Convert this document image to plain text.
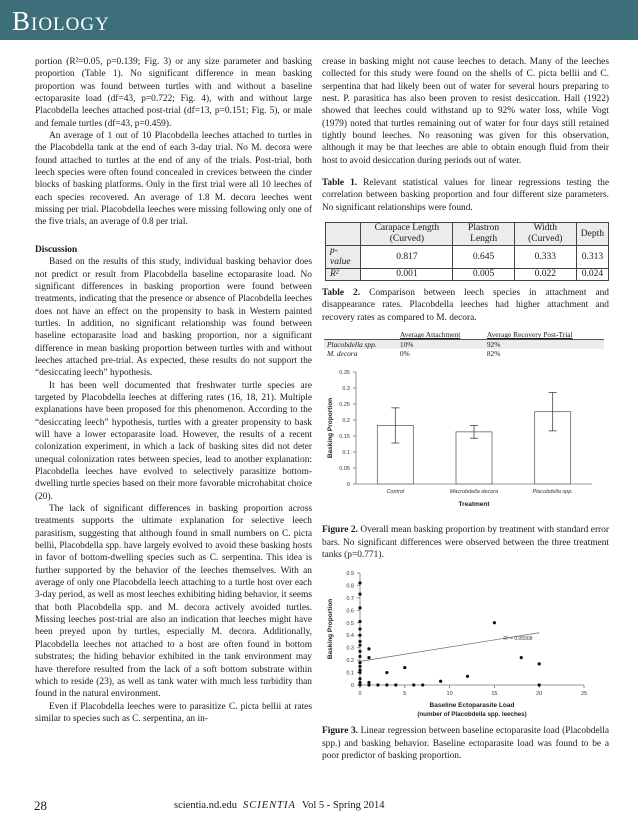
Biology

portion (R²=0.05, p=0.139; Fig. 3) or any size parameter and basking proportion (Table 1). No significant difference in mean basking proportion was found between turtles with and without a baseline ectoparasite load (df=43, p=0.722; Fig. 4), with and without large Placobdella leeches attached post-trial (df=13, p=0.151; Fig. 5), or male and female turtles (df=43, p=0.459).

An average of 1 out of 10 Placobdella leeches attached to turtles in the Placobdella tank at the end of each 3-day trial. No M. decora were found attached to turtles at the end of any of the trials. Post-trial, both leech species were often found concealed in crevices between the cinder blocks of basking platforms. Only in the first trial were all 10 leeches of each species recovered. An average of 1.8 M. decora leeches went missing per trial. Placobdella leeches were missing following only one of the five trials, an average of 0.8 per trial.

Discussion

Based on the results of this study, individual basking behavior does not predict or result from Placobdella baseline ectoparasite load. No significant differences in basking proportion were found between treatments, indicating that the presence or absence of Placobdella leeches does not have an effect on the propensity to bask in Western painted turtles. In addition, no significant relationship was found between baseline ectoparasite load and basking proportion, nor a significant difference in mean basking proportion between turtles with and without leeches attached pre-trial. As expected, these results do not support the “desiccating leech” hypothesis.

It has been well documented that freshwater turtle species are targeted by Placobdella leeches at differing rates (16, 18, 21). Multiple explanations have been proposed for this phenomenon. According to the “desiccating leech” hypothesis, turtles with a greater propensity to bask will have a lower ectoparasite load. However, the results of a recent colonization experiment, in which a lack of basking sites did not deter unequal colonization rates between species, lead to another explanation: Placobdella leeches have evolved to selectively parasitize bottom-dwelling turtle species based on their more favorable microhabitat choice (20).

The lack of significant differences in basking proportion across treatments supports the ultimate explanation for selective leech parasitism, suggesting that although found in small numbers on C. picta bellii, Placobdella spp. have largely evolved to avoid these basking hosts in favor of bottom-dwelling species such as C. serpentina. This idea is further supported by the behavior of the leeches themselves. With an average of only one Placobdella leech attaching to a turtle host over each 3-day period, as well as most leeches exhibiting hiding behavior, it seems that both Placobdella spp. and M. decora actively avoided turtles. Missing leeches post-trial are also an indication that leeches might have been preyed upon by turtles, especially M. decora. Additionally, Placobdella leeches not attached to a host are often found in bottom substrates; the hiding behavior exhibited in the tank environment may have therefore resulted from the lack of a soft bottom substrate within which to reside (23), as well as tank water with much less turbidity than found in the natural environment.

Even if Placobdella leeches were to parasitize C. picta bellii at rates similar to species such as C. serpentina, an in-

crease in basking might not cause leeches to detach. Many of the leeches collected for this study were found on the shells of C. picta bellii and C. serpentina that had likely been out of water for several hours preparing to nest. P. parasitica has also been proven to resist desiccation. Hall (1922) showed that leeches could withstand up to 92% water loss, while Vogt (1979) noted that turtles remaining out of water for four days still retained tightly bound leeches. No reasoning was given for this observation, although it may be that leeches are able to obtain enough fluid from their host to avoid desiccation during periods out of water.

Table 1. Relevant statistical values for linear regressions testing the correlation between basking proportion and four different size parameters. No significant relationships were found.

	Carapace Length (Curved)	Plastron Length	Width (Curved)	Depth
p-value	0.817	0.645	0.333	0.313
R²	0.001	0.005	0.022	0.024

Table 2. Comparison between leech species in attachment and disappearance rates. Placobdella leeches had higher attachment and recovery rates as compared to M. decora.

	Average Attachment	Average Recovery Post-Trial
Placobdella spp.	10%	92%
M. decora	0%	82%
0
0.05
0.1
0.15
0.2
0.25
0.3
0.35
Control	Macrobdella decora	Placobdella spp.
Treatment
Basking Proportion

Figure 2. Overall mean basking proportion by treatment with standard error bars. No significant differences were observed between the three treatment tanks (p=0.771).

0
0.1
0.2
0.3
0.4
0.5
0.6
0.7
0.8
0.9
0	5	10	15	20	25
R² = 0.05009
Baseline Ectoparasite Load
(number of Placobdella spp. leeches)
Basking Proportion

Figure 3. Linear regression between baseline ectoparasite load (Placobdella spp.) and basking behavior. Baseline ectoparasite load was found to be a poor predictor of basking proportion.

28	scientia.nd.edu SCIENTIA Vol 5 - Spring 2014
